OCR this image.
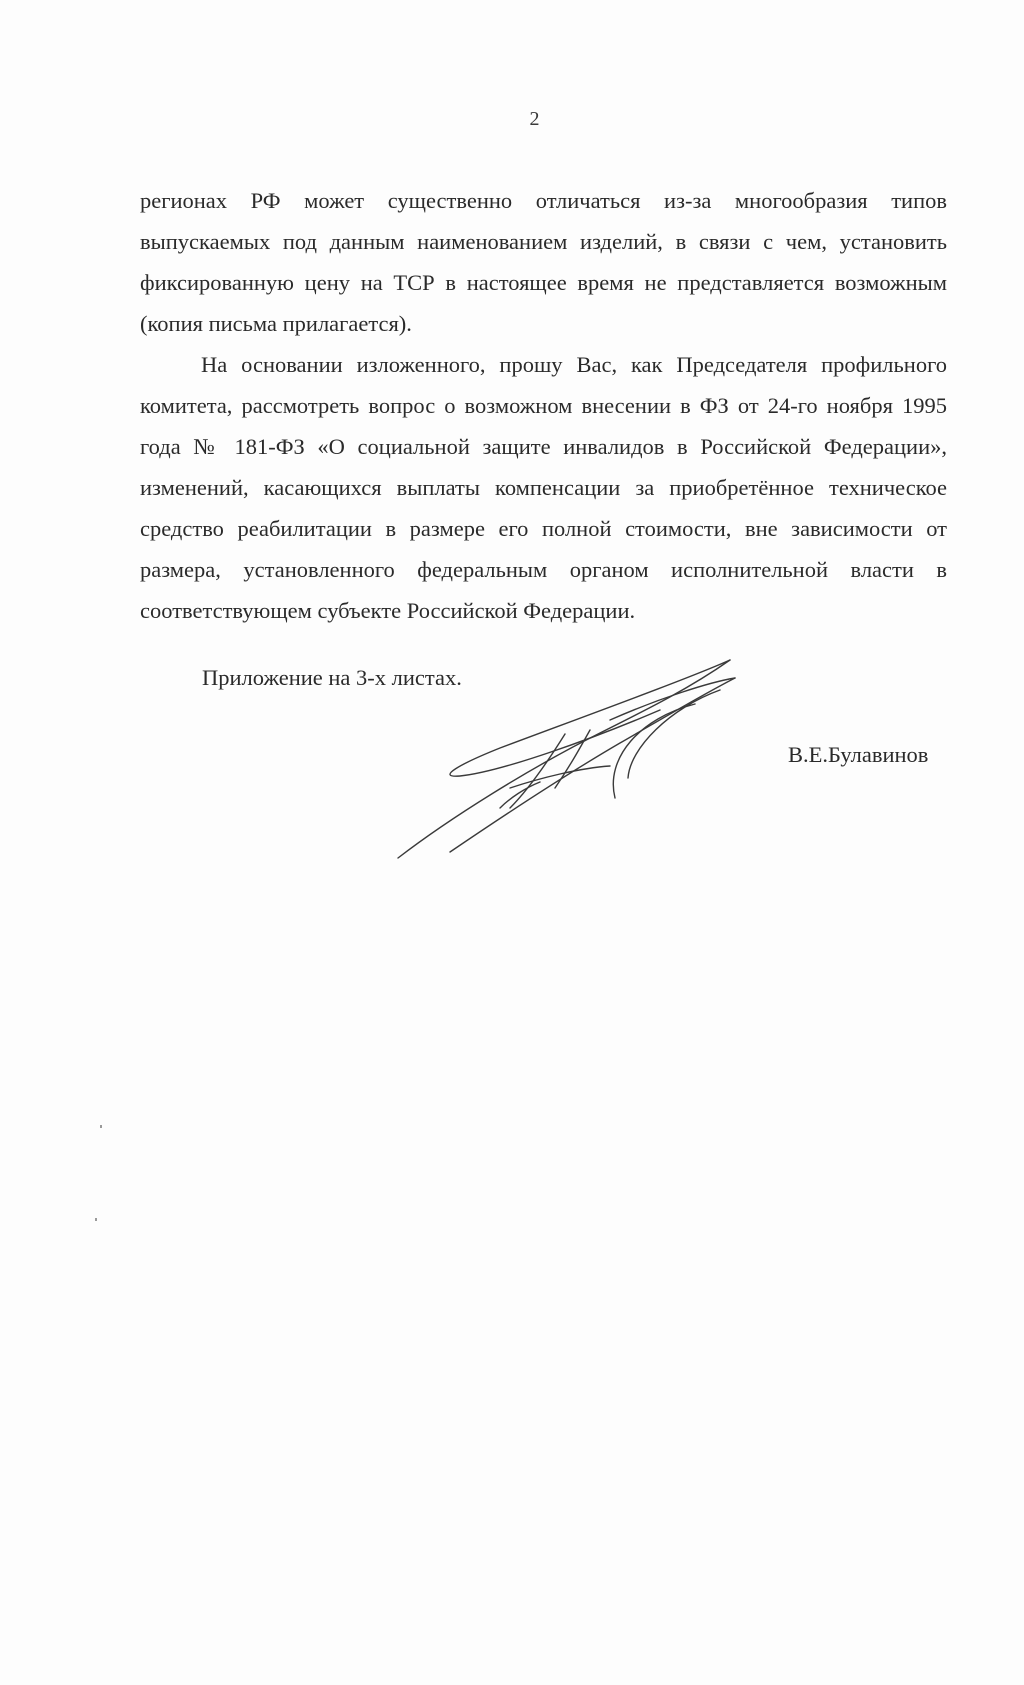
2

регионах РФ может существенно отличаться из-за многообразия типов выпускаемых под данным наименованием изделий, в связи с чем, установить фиксированную цену на ТСР в настоящее время не представляется возможным (копия письма прилагается).

На основании изложенного, прошу Вас, как Председателя профильного комитета, рассмотреть вопрос о возможном внесении в ФЗ от 24-го ноября 1995 года № 181-ФЗ «О социальной защите инвалидов в Российской Федерации», изменений, касающихся выплаты компенсации за приобретённое техническое средство реабилитации в размере его полной стоимости, вне зависимости от размера, установленного федеральным органом исполнительной власти в соответствующем субъекте Российской Федерации.

Приложение на 3-х листах.
В.Е.Булавинов
